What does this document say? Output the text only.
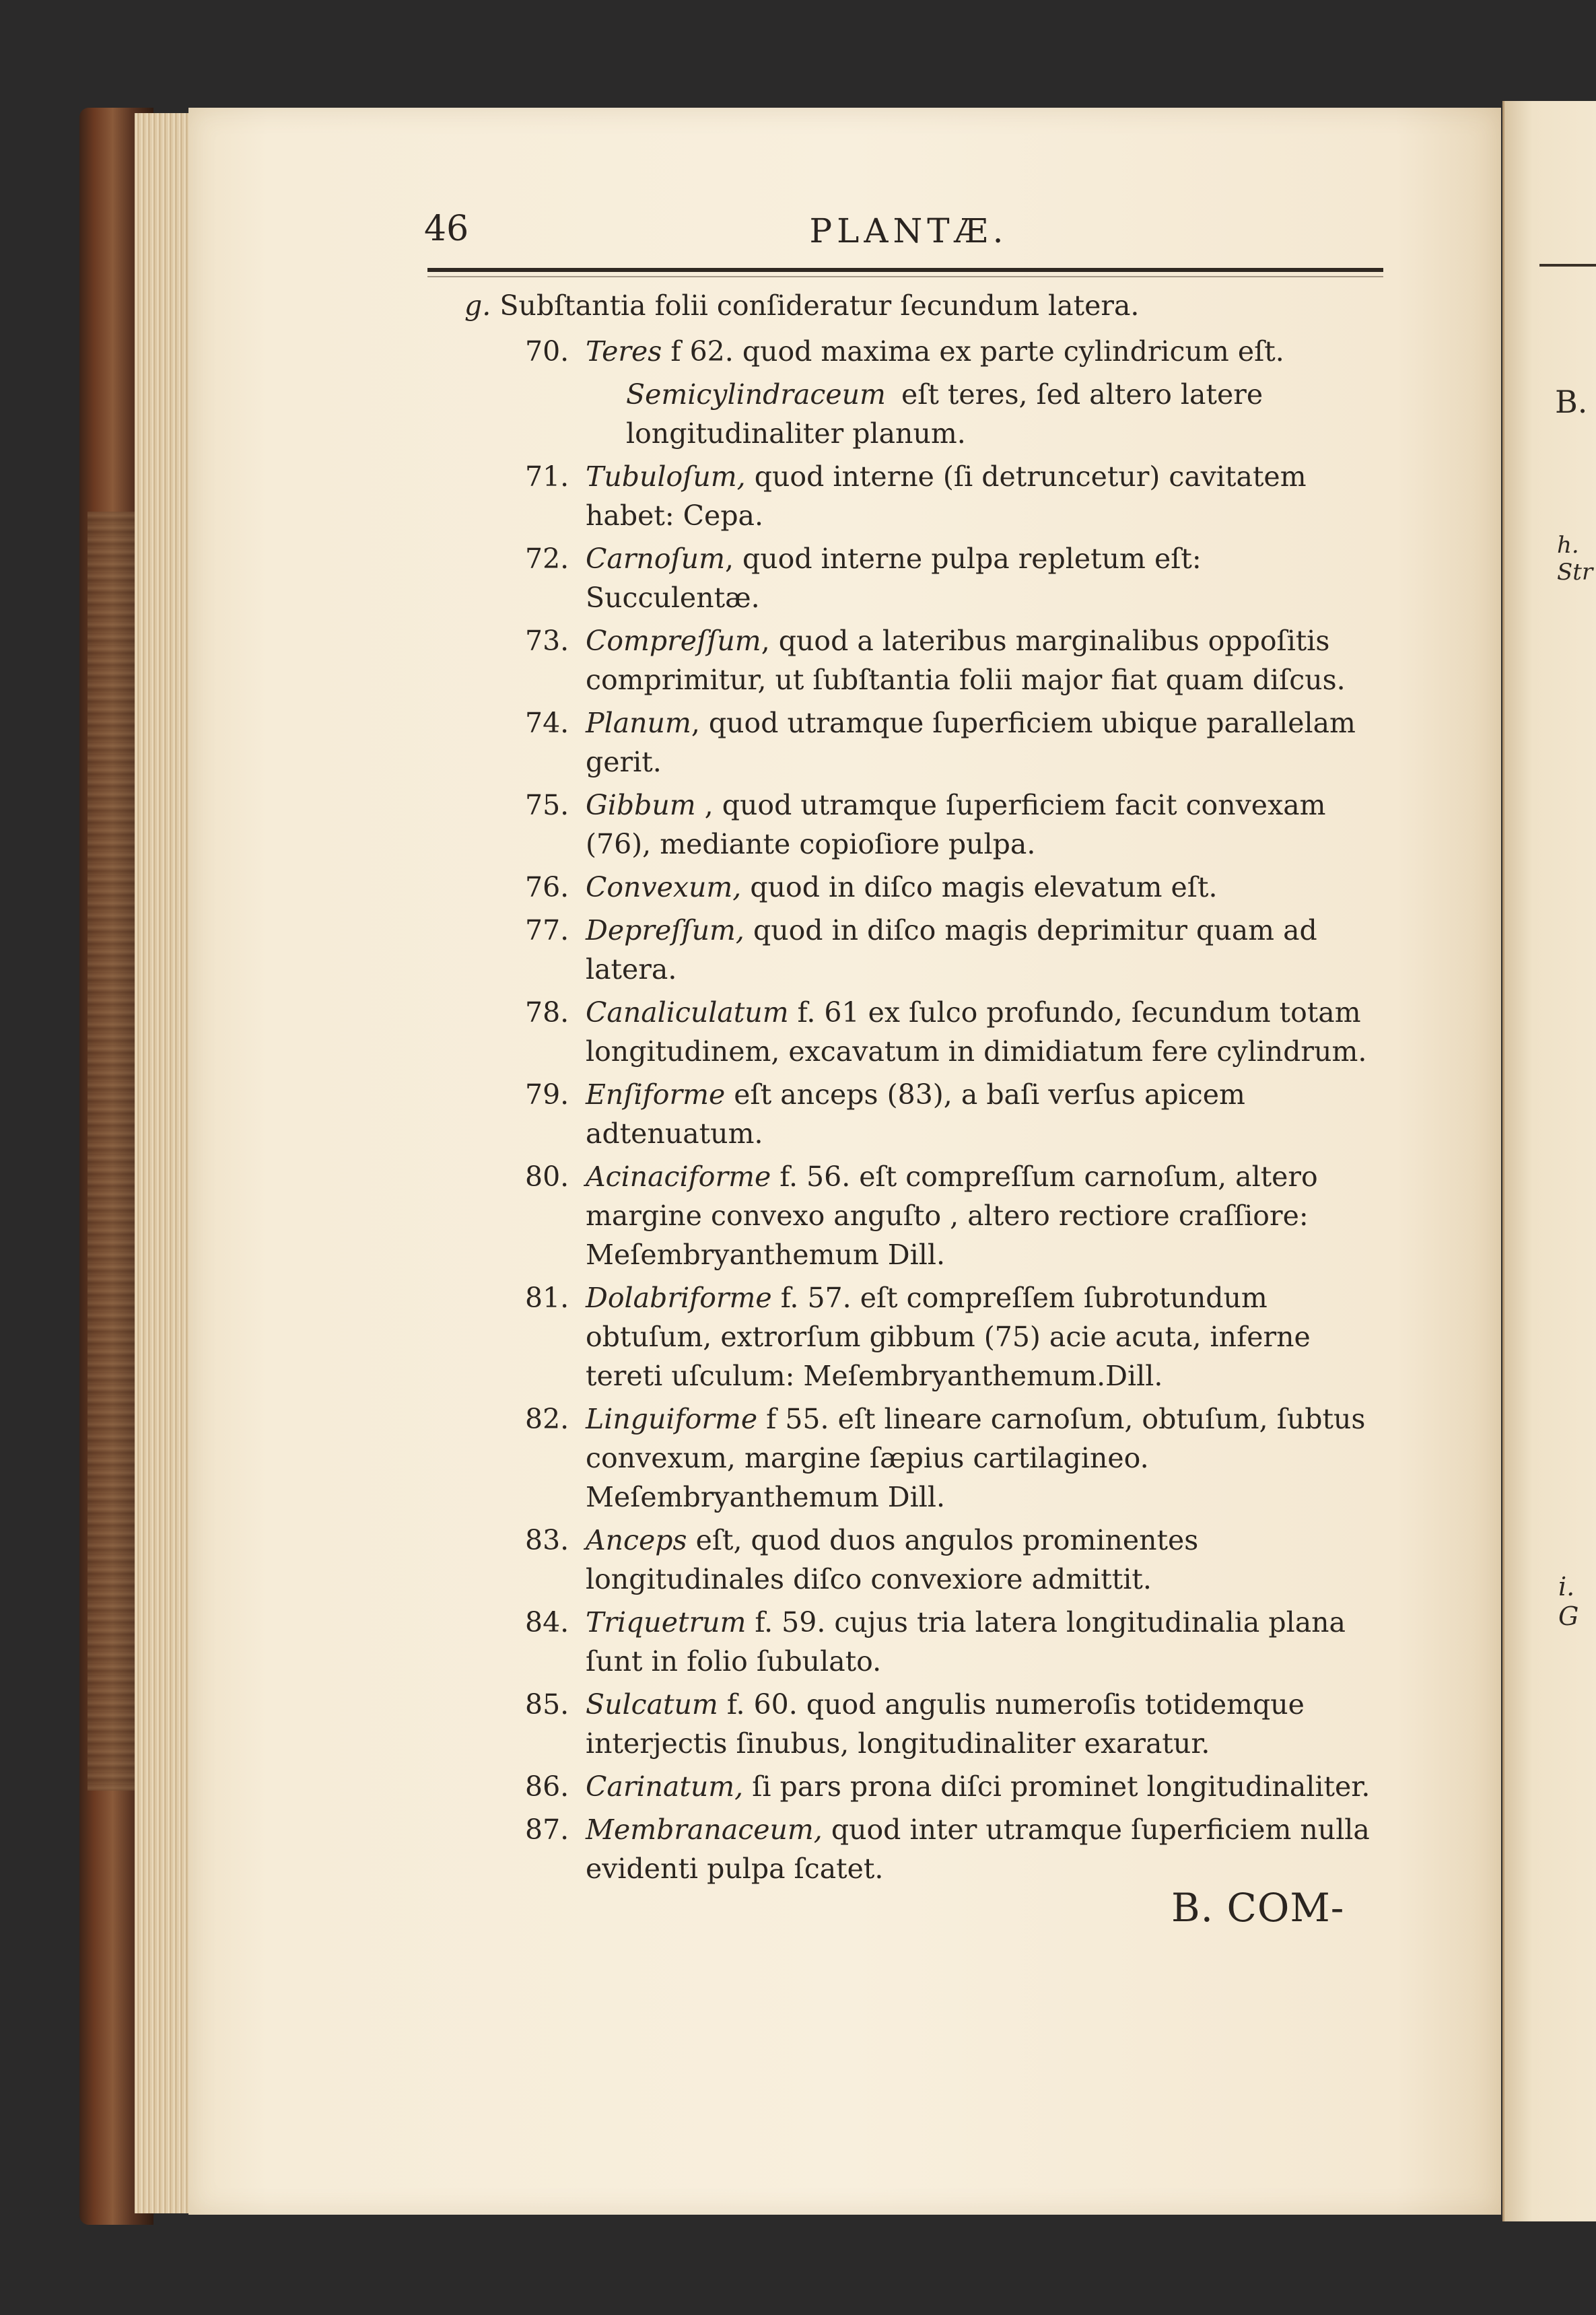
B.
h. Str
i. G
46	PLANTÆ.

g. Subſtantia folii conſideratur ſecundum latera.

70. Teres f 62. quod maxima ex parte cylindricum eſt.

Semicylindraceum eſt teres, ſed altero latere longitudinaliter planum.

71. Tubuloſum, quod interne (ſi detruncetur) cavitatem habet: Cepa.

72. Carnoſum, quod interne pulpa repletum eſt: Succulentæ.

73. Compreſſum, quod a lateribus marginalibus oppoſitis comprimitur, ut ſubſtantia folii major fiat quam diſcus.

74. Planum, quod utramque ſuperficiem ubique parallelam gerit.

75. Gibbum , quod utramque ſuperficiem facit convexam (76), mediante copioſiore pulpa.

76. Convexum, quod in diſco magis elevatum eſt.

77. Depreſſum, quod in diſco magis deprimitur quam ad latera.

78. Canaliculatum f. 61 ex ſulco profundo, ſecundum totam longitudinem, excavatum in dimidiatum fere cylindrum.

79. Enſiforme eſt anceps (83), a baſi verſus apicem adtenuatum.

80. Acinaciforme f. 56. eſt compreſſum carnoſum, altero margine convexo anguſto , altero rectiore craſſiore: Meſembryanthemum Dill.

81. Dolabriforme f. 57. eſt compreſſem ſubrotundum obtuſum, extrorſum gibbum (75) acie acuta, inferne tereti uſculum: Meſembryanthemum.Dill.

82. Linguiforme f 55. eſt lineare carnoſum, obtuſum, ſubtus convexum, margine ſæpius cartilagineo. Meſembryanthemum Dill.

83. Anceps eſt, quod duos angulos prominentes longitudinales diſco convexiore admittit.

84. Triquetrum f. 59. cujus tria latera longitudinalia plana ſunt in folio ſubulato.

85. Sulcatum f. 60. quod angulis numeroſis totidemque interjectis ſinubus, longitudinaliter exaratur.

86. Carinatum, ſi pars prona diſci prominet longitudinaliter.

87. Membranaceum, quod inter utramque ſuperficiem nulla evidenti pulpa ſcatet.

B. COM-
